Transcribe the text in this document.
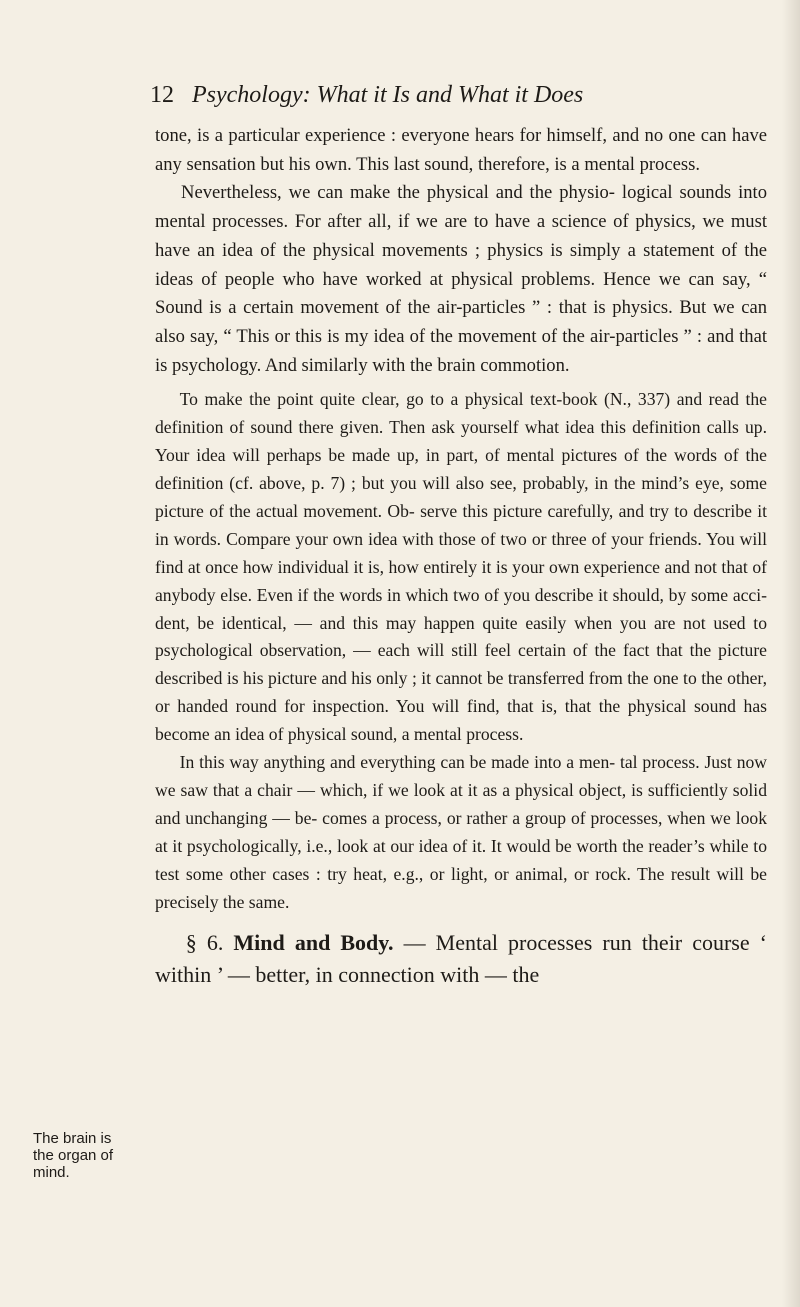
12 Psychology: What it Is and What it Does

tone, is a particular experience : everyone hears for himself, and no one can have any sensation but his own. This last sound, therefore, is a mental process.

Nevertheless, we can make the physical and the physio- logical sounds into mental processes. For after all, if we are to have a science of physics, we must have an idea of the physical movements ; physics is simply a statement of the ideas of people who have worked at physical problems. Hence we can say, “ Sound is a certain movement of the air-particles ” : that is physics. But we can also say, “ This or this is my idea of the movement of the air-particles ” : and that is psychology. And similarly with the brain commotion.

To make the point quite clear, go to a physical text-book (N., 337) and read the definition of sound there given. Then ask yourself what idea this definition calls up. Your idea will perhaps be made up, in part, of mental pictures of the words of the definition (cf. above, p. 7) ; but you will also see, probably, in the mind’s eye, some picture of the actual movement. Ob- serve this picture carefully, and try to describe it in words. Compare your own idea with those of two or three of your friends. You will find at once how individual it is, how entirely it is your own experience and not that of anybody else. Even if the words in which two of you describe it should, by some acci- dent, be identical, — and this may happen quite easily when you are not used to psychological observation, — each will still feel certain of the fact that the picture described is his picture and his only ; it cannot be transferred from the one to the other, or handed round for inspection. You will find, that is, that the physical sound has become an idea of physical sound, a mental process.

In this way anything and everything can be made into a men- tal process. Just now we saw that a chair — which, if we look at it as a physical object, is sufficiently solid and unchanging — be- comes a process, or rather a group of processes, when we look at it psychologically, i.e., look at our idea of it. It would be worth the reader’s while to test some other cases : try heat, e.g., or light, or animal, or rock. The result will be precisely the same.

§ 6. Mind and Body. — Mental processes run their course ‘ within ’ — better, in connection with — the

The brain is
the organ of
mind.
